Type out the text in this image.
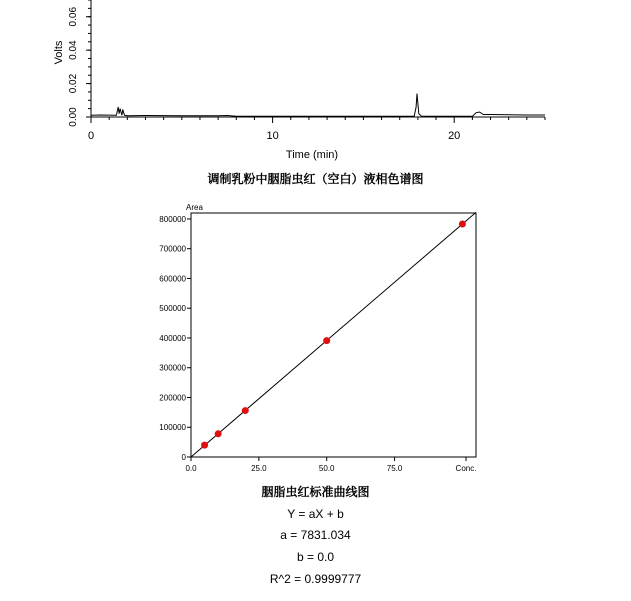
0.00
0.02
0.04
0.06
0	10	20
Volts
Time (min)
0
100000
200000
300000
400000
500000
600000
700000
800000
0.0	25.0	50.0	75.0	Conc.
Area
调制乳粉中胭脂虫红（空白）液相色谱图
胭脂虫红标准曲线图
Y = aX + b
a = 7831.034
b = 0.0
R^2 = 0.9999777
